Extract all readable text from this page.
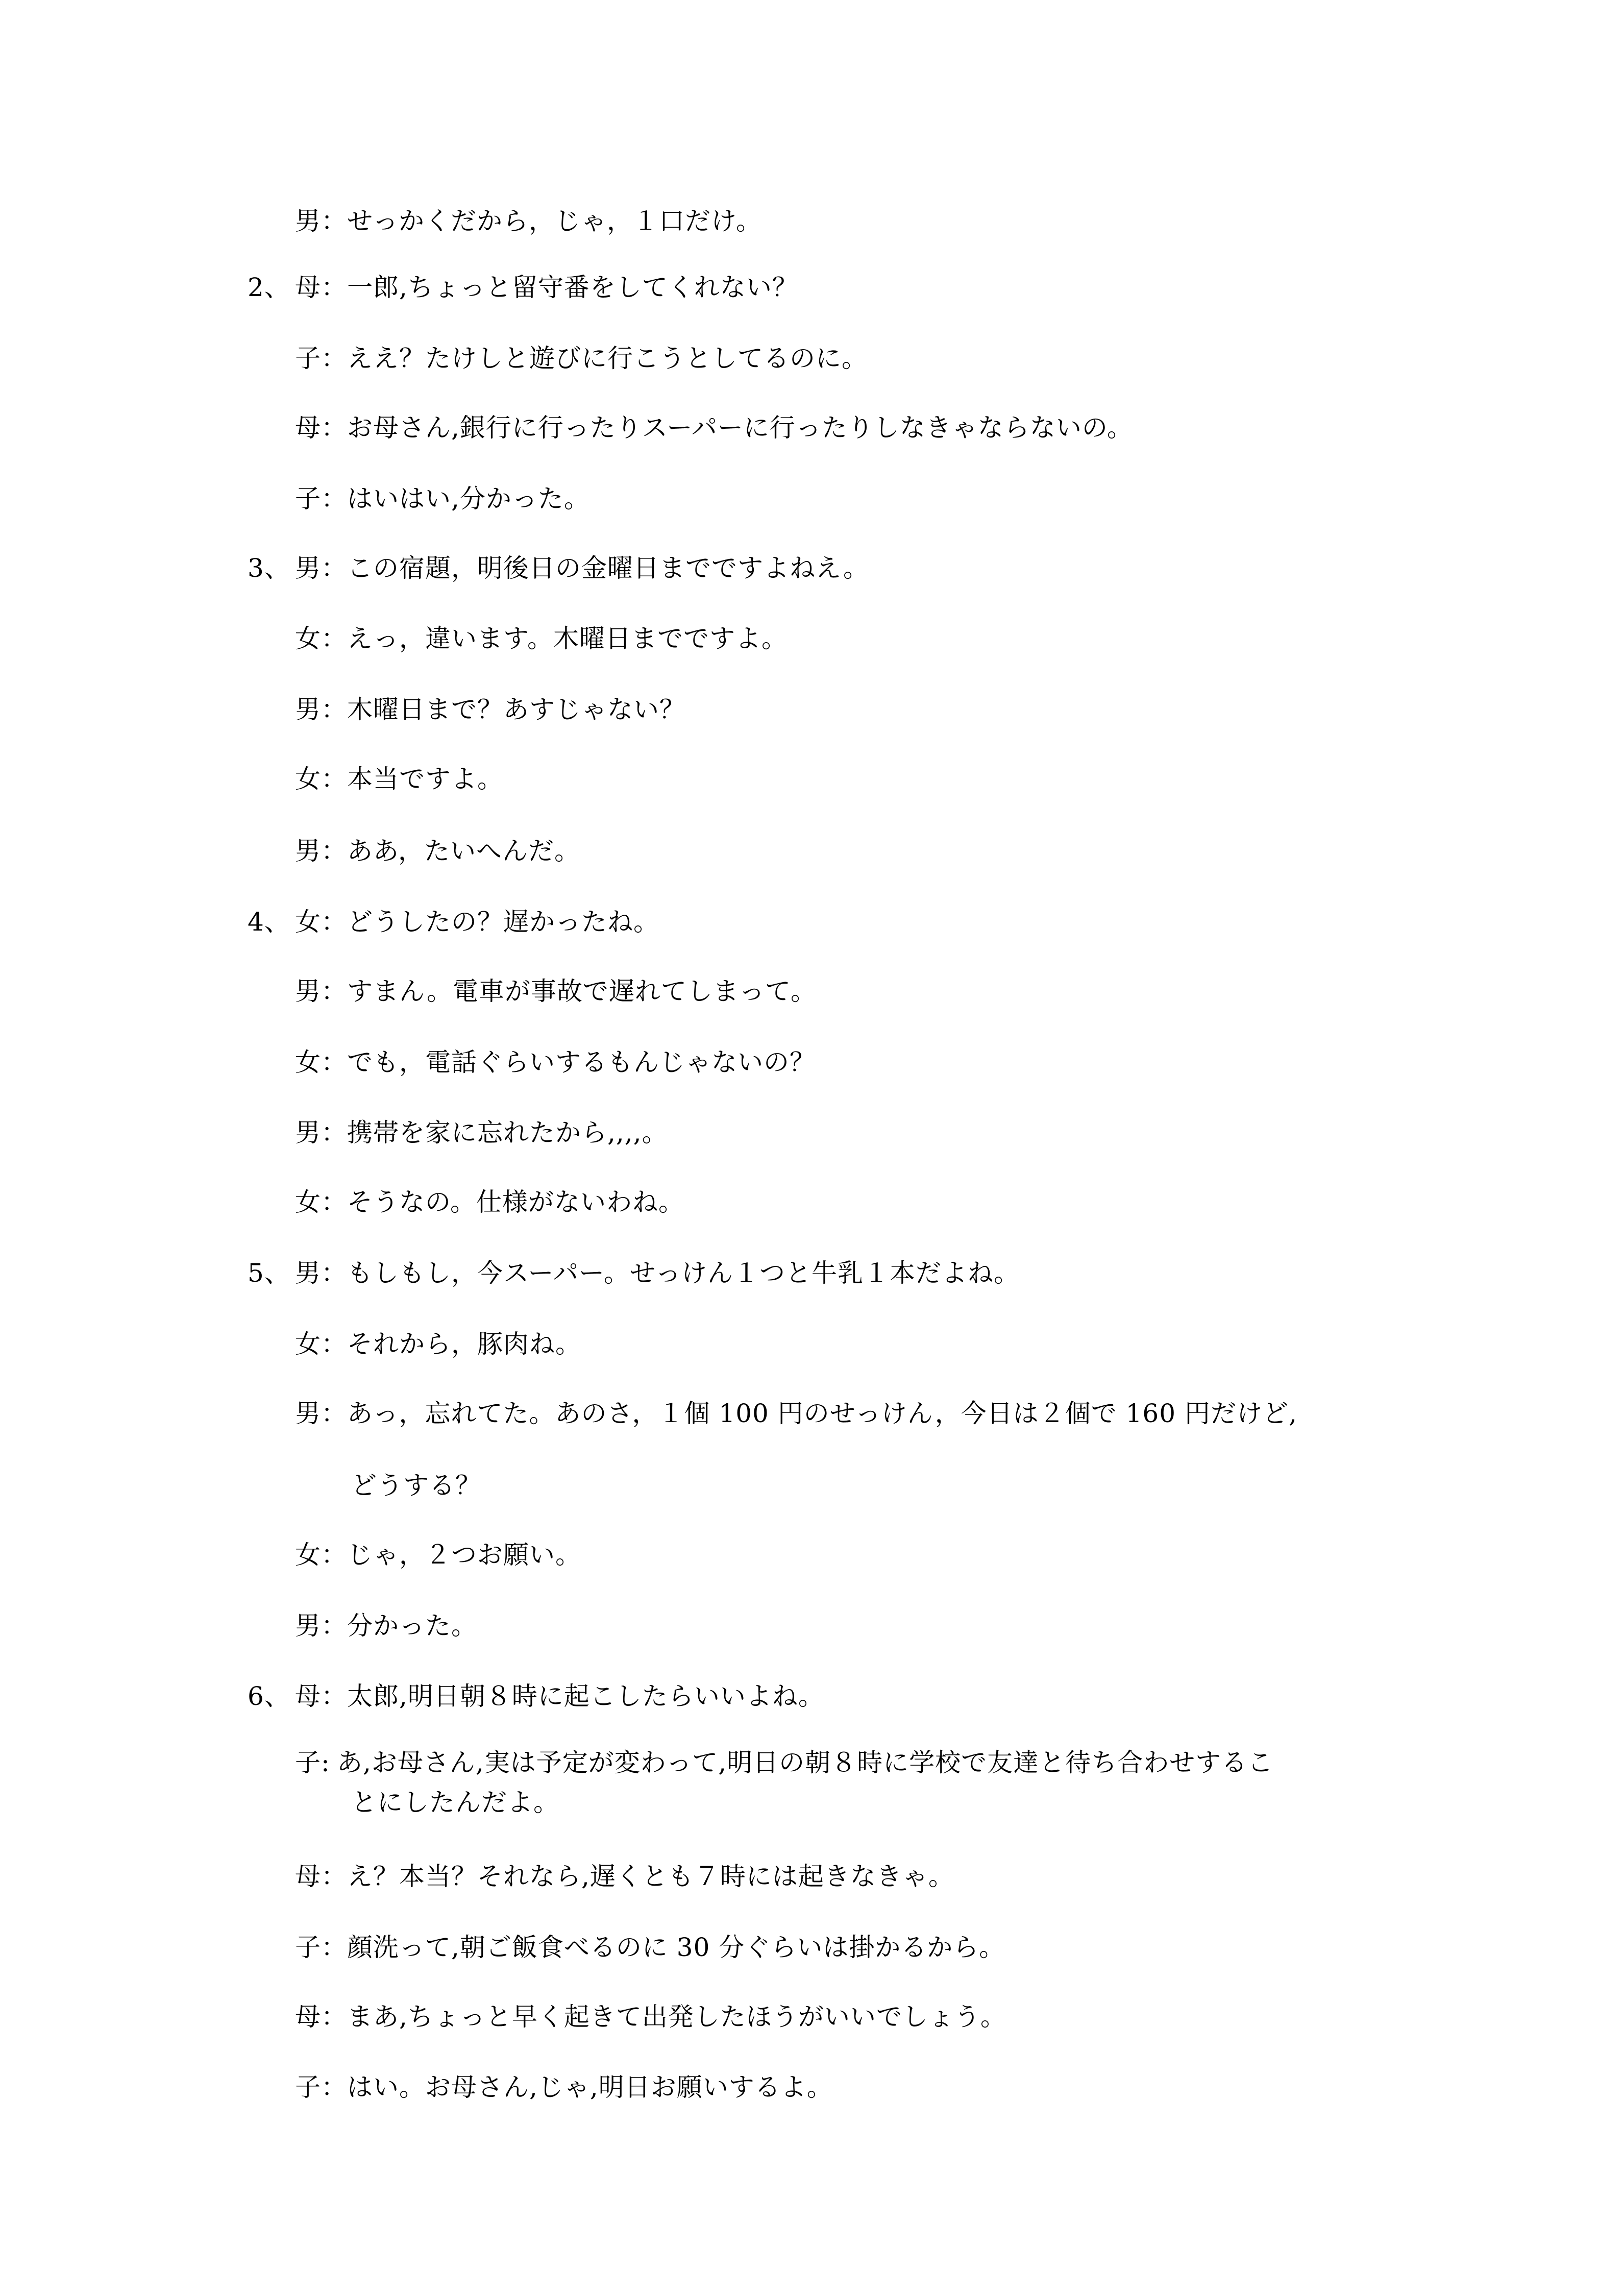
男： せっかくだから，じゃ，１口だけ。
2、 母： 一郎,ちょっと留守番をしてくれない？
子： ええ？たけしと遊びに行こうとしてるのに。
母： お母さん,銀行に行ったりスーパーに行ったりしなきゃならないの。
子： はいはい,分かった。
3、 男： この宿題，明後日の金曜日までですよねえ。
女： えっ，違います。木曜日までですよ。
男： 木曜日まで？あすじゃない？
女： 本当ですよ。
男： ああ，たいへんだ。
4、 女： どうしたの？遅かったね。
男： すまん。電車が事故で遅れてしまって。
女： でも，電話ぐらいするもんじゃないの？
男： 携帯を家に忘れたから,,,,。
女： そうなの。仕様がないわね。
5、 男： もしもし，今スーパー。せっけん１つと牛乳１本だよね。
女： それから，豚肉ね。
男： あっ，忘れてた。あのさ，１個 100 円のせっけん，今日は２個で 160 円だけど,
どうする？
女： じゃ，２つお願い。
男： 分かった。
6、 母： 太郎,明日朝８時に起こしたらいいよね。
子: あ,お母さん,実は予定が変わって,明日の朝８時に学校で友達と待ち合わせするこ
とにしたんだよ。
母： え？本当？それなら,遅くとも７時には起きなきゃ。
子： 顔洗って,朝ご飯食べるのに 30 分ぐらいは掛かるから。
母： まあ,ちょっと早く起きて出発したほうがいいでしょう。
子： はい。お母さん,じゃ,明日お願いするよ。
